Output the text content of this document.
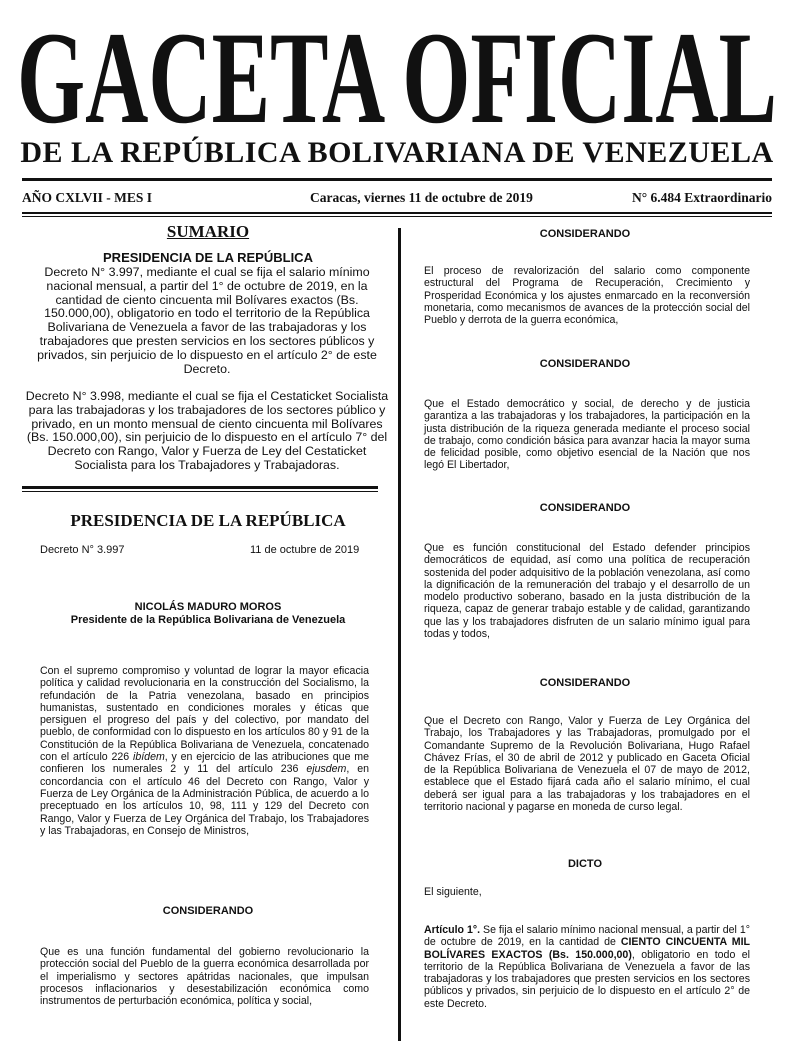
GACETA OFICIAL
DE LA REPÚBLICA BOLIVARIANA DE VENEZUELA
AÑO CXLVII - MES I	Caracas, viernes 11 de octubre de 2019	N° 6.484 Extraordinario
SUMARIO
PRESIDENCIA DE LA REPÚBLICA
Decreto N° 3.997, mediante el cual se fija el salario mínimo nacional mensual, a partir del 1° de octubre de 2019, en la cantidad de ciento cincuenta mil Bolívares exactos (Bs. 150.000,00), obligatorio en todo el territorio de la República Bolivariana de Venezuela a favor de las trabajadoras y los trabajadores que presten servicios en los sectores públicos y privados, sin perjuicio de lo dispuesto en el artículo 2° de este Decreto.
Decreto N° 3.998, mediante el cual se fija el Cestaticket Socialista para las trabajadoras y los trabajadores de los sectores público y privado, en un monto mensual de ciento cincuenta mil Bolívares (Bs. 150.000,00), sin perjuicio de lo dispuesto en el artículo 7° del Decreto con Rango, Valor y Fuerza de Ley del Cestaticket Socialista para los Trabajadores y Trabajadoras.
PRESIDENCIA DE LA REPÚBLICA
Decreto N° 3.997	11 de octubre de 2019
NICOLÁS MADURO MOROS
Presidente de la República Bolivariana de Venezuela
Con el supremo compromiso y voluntad de lograr la mayor eficacia política y calidad revolucionaria en la construcción del Socialismo, la refundación de la Patria venezolana, basado en principios humanistas, sustentado en condiciones morales y éticas que persiguen el progreso del país y del colectivo, por mandato del pueblo, de conformidad con lo dispuesto en los artículos 80 y 91 de la Constitución de la República Bolivariana de Venezuela, concatenado con el artículo 226 ibídem, y en ejercicio de las atribuciones que me confieren los numerales 2 y 11 del artículo 236 ejusdem, en concordancia con el artículo 46 del Decreto con Rango, Valor y Fuerza de Ley Orgánica de la Administración Pública, de acuerdo a lo preceptuado en los artículos 10, 98, 111 y 129 del Decreto con Rango, Valor y Fuerza de Ley Orgánica del Trabajo, los Trabajadores y las Trabajadoras, en Consejo de Ministros,
CONSIDERANDO
Que es una función fundamental del gobierno revolucionario la protección social del Pueblo de la guerra económica desarrollada por el imperialismo y sectores apátridas nacionales, que impulsan procesos inflacionarios y desestabilización económica como instrumentos de perturbación económica, política y social,
CONSIDERANDO
El proceso de revalorización del salario como componente estructural del Programa de Recuperación, Crecimiento y Prosperidad Económica y los ajustes enmarcado en la reconversión monetaria, como mecanismos de avances de la protección social del Pueblo y derrota de la guerra económica,
CONSIDERANDO
Que el Estado democrático y social, de derecho y de justicia garantiza a las trabajadoras y los trabajadores, la participación en la justa distribución de la riqueza generada mediante el proceso social de trabajo, como condición básica para avanzar hacia la mayor suma de felicidad posible, como objetivo esencial de la Nación que nos legó El Libertador,
CONSIDERANDO
Que es función constitucional del Estado defender principios democráticos de equidad, así como una política de recuperación sostenida del poder adquisitivo de la población venezolana, así como la dignificación de la remuneración del trabajo y el desarrollo de un modelo productivo soberano, basado en la justa distribución de la riqueza, capaz de generar trabajo estable y de calidad, garantizando que las y los trabajadores disfruten de un salario mínimo igual para todas y todos,
CONSIDERANDO
Que el Decreto con Rango, Valor y Fuerza de Ley Orgánica del Trabajo, los Trabajadores y las Trabajadoras, promulgado por el Comandante Supremo de la Revolución Bolivariana, Hugo Rafael Chávez Frías, el 30 de abril de 2012 y publicado en Gaceta Oficial de la República Bolivariana de Venezuela el 07 de mayo de 2012, establece que el Estado fijará cada año el salario mínimo, el cual deberá ser igual para a las trabajadoras y los trabajadores en el territorio nacional y pagarse en moneda de curso legal.
DICTO
El siguiente,
Artículo 1°. Se fija el salario mínimo nacional mensual, a partir del 1° de octubre de 2019, en la cantidad de CIENTO CINCUENTA MIL BOLÍVARES EXACTOS (Bs. 150.000,00), obligatorio en todo el territorio de la República Bolivariana de Venezuela a favor de las trabajadoras y los trabajadores que presten servicios en los sectores públicos y privados, sin perjuicio de lo dispuesto en el artículo 2° de este Decreto.
